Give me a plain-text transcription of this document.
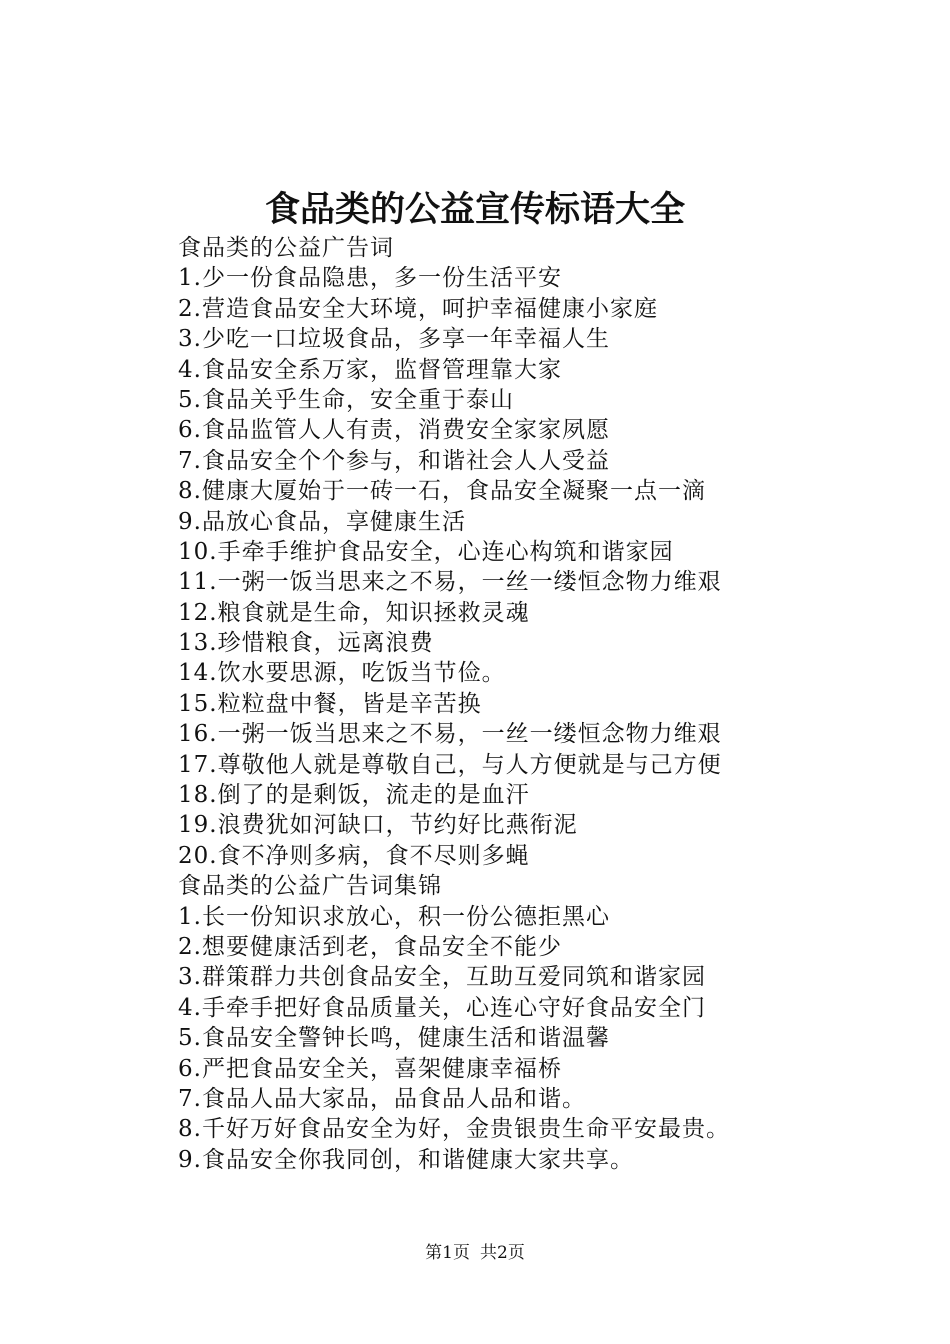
食品类的公益宣传标语大全
食品类的公益广告词
1.少一份食品隐患，多一份生活平安
2.营造食品安全大环境，呵护幸福健康小家庭
3.少吃一口垃圾食品，多享一年幸福人生
4.食品安全系万家，监督管理靠大家
5.食品关乎生命，安全重于泰山
6.食品监管人人有责，消费安全家家夙愿
7.食品安全个个参与，和谐社会人人受益
8.健康大厦始于一砖一石，食品安全凝聚一点一滴
9.品放心食品，享健康生活
10.手牵手维护食品安全，心连心构筑和谐家园
11.一粥一饭当思来之不易，一丝一缕恒念物力维艰
12.粮食就是生命，知识拯救灵魂
13.珍惜粮食，远离浪费
14.饮水要思源，吃饭当节俭。
15.粒粒盘中餐，皆是辛苦换
16.一粥一饭当思来之不易，一丝一缕恒念物力维艰
17.尊敬他人就是尊敬自己，与人方便就是与己方便
18.倒了的是剩饭，流走的是血汗
19.浪费犹如河缺口，节约好比燕衔泥
20.食不净则多病，食不尽则多蝇
食品类的公益广告词集锦
1.长一份知识求放心，积一份公德拒黑心
2.想要健康活到老，食品安全不能少
3.群策群力共创食品安全，互助互爱同筑和谐家园
4.手牵手把好食品质量关，心连心守好食品安全门
5.食品安全警钟长鸣，健康生活和谐温馨
6.严把食品安全关，喜架健康幸福桥
7.食品人品大家品，品食品人品和谐。
8.千好万好食品安全为好，金贵银贵生命平安最贵。
9.食品安全你我同创，和谐健康大家共享。
第1页 共2页
